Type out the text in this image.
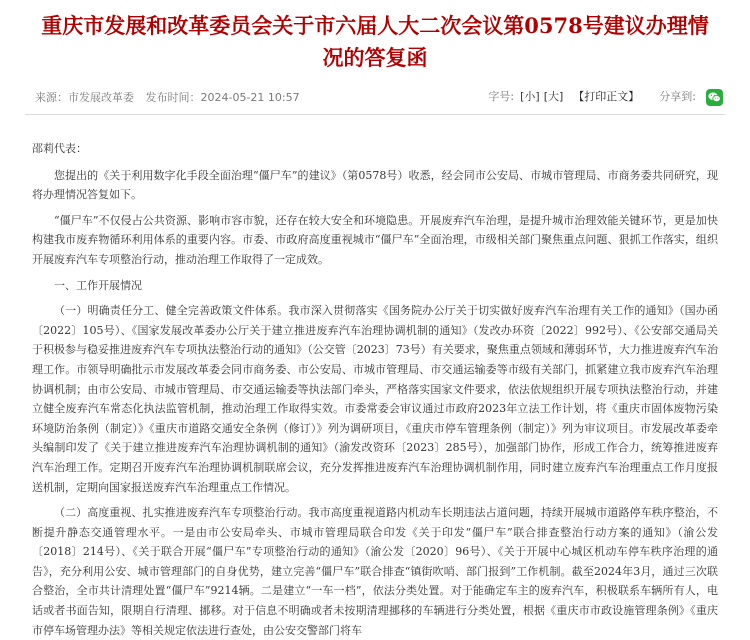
重庆市发展和改革委员会关于市六届人大二次会议第0578号建议办理情况的答复函
来源：市发展改革委 发布时间：2024-05-21 10:57	字号: [小] [大] 【打印正文】 分享到:

邵莉代表：

您提出的《关于利用数字化手段全面治理“僵尸车”的建议》（第0578号）收悉，经会同市公安局、市城市管理局、市商务委共同研究，现将办理情况答复如下。

“僵尸车”不仅侵占公共资源、影响市容市貌，还存在较大安全和环境隐患。开展废弃汽车治理，是提升城市治理效能关键环节，更是加快构建我市废弃物循环利用体系的重要内容。市委、市政府高度重视城市“僵尸车”全面治理，市级相关部门聚焦重点问题、狠抓工作落实，组织开展废弃汽车专项整治行动，推动治理工作取得了一定成效。

一、工作开展情况

（一）明确责任分工、健全完善政策文件体系。我市深入贯彻落实《国务院办公厅关于切实做好废弃汽车治理有关工作的通知》（国办函〔2022〕105号）、《国家发展改革委办公厅关于建立推进废弃汽车治理协调机制的通知》（发改办环资〔2022〕992号）、《公安部交通局关于积极参与稳妥推进废弃汽车专项执法整治行动的通知》（公交管〔2023〕73号）有关要求，聚焦重点领域和薄弱环节，大力推进废弃汽车治理工作。市领导明确批示市发展改革委会同市商务委、市公安局、市城市管理局、市交通运输委等市级有关部门，抓紧建立我市废弃汽车治理协调机制；由市公安局、市城市管理局、市交通运输委等执法部门牵头，严格落实国家文件要求，依法依规组织开展专项执法整治行动，并建立健全废弃汽车常态化执法监管机制，推动治理工作取得实效。市委常委会审议通过市政府2023年立法工作计划，将《重庆市固体废物污染环境防治条例（制定）》《重庆市道路交通安全条例（修订）》列为调研项目，《重庆市停车管理条例（制定）》列为审议项目。市发展改革委牵头编制印发了《关于建立推进废弃汽车治理协调机制的通知》（渝发改资环〔2023〕285号），加强部门协作，形成工作合力，统筹推进废弃汽车治理工作。定期召开废弃汽车治理协调机制联席会议，充分发挥推进废弃汽车治理协调机制作用，同时建立废弃汽车治理重点工作月度报送机制，定期向国家报送废弃汽车治理重点工作情况。

（二）高度重视、扎实推进废弃汽车专项整治行动。我市高度重视道路内机动车长期违法占道问题，持续开展城市道路停车秩序整治，不断提升静态交通管理水平。一是由市公安局牵头、市城市管理局联合印发《关于印发“僵尸车”联合排查整治行动方案的通知》（渝公发〔2018〕214号）、《关于联合开展“僵尸车”专项整治行动的通知》（渝公发〔2020〕96号）、《关于开展中心城区机动车停车秩序治理的通告》，充分利用公安、城市管理部门的自身优势，建立完善“僵尸车”联合排查“镇街吹哨、部门报到”工作机制。截至2024年3月，通过三次联合整治，全市共计清理处置“僵尸车”9214辆。二是建立“一车一档”，依法分类处置。对于能确定车主的废弃汽车，积极联系车辆所有人，电话或者书面告知，限期自行清理、挪移。对于信息不明确或者未按期清理挪移的车辆进行分类处置，根据《重庆市市政设施管理条例》《重庆市停车场管理办法》等相关规定依法进行查处，由公安交警部门将车
